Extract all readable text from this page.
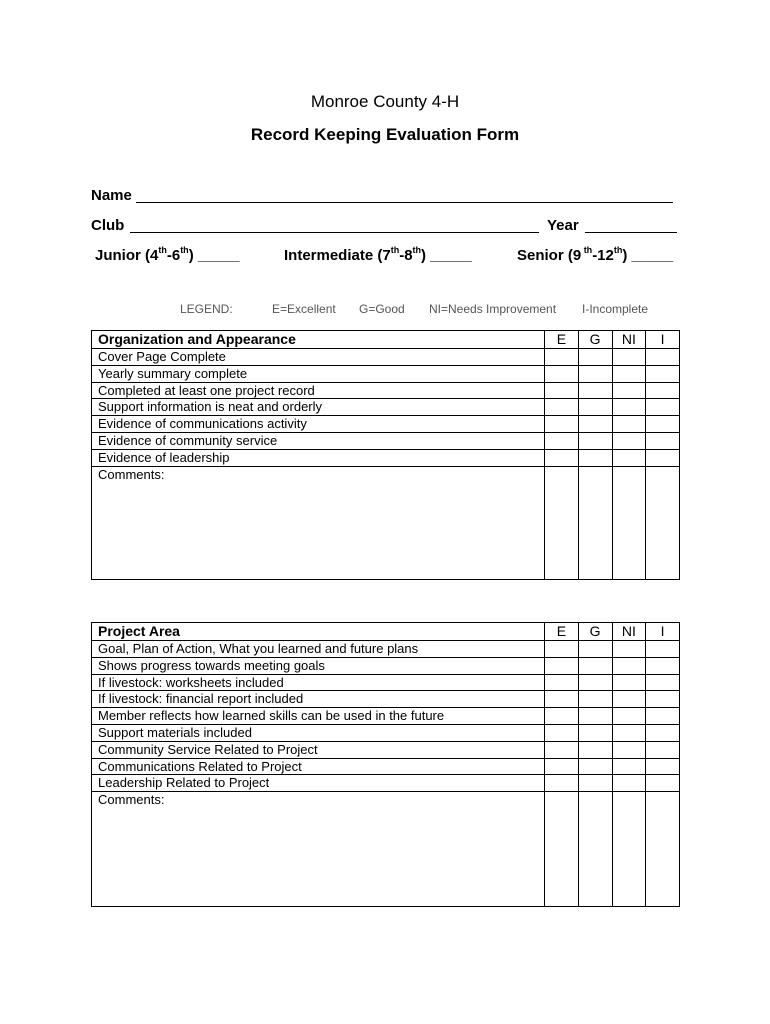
Monroe County 4-H
Record Keeping Evaluation Form
Name
Club	Year
Junior (4th-6th) _____	Intermediate (7th-8th) _____	Senior (9 $^{th}$-12th) _____
LEGEND:	E=Excellent G=Good NI=Needs Improvement I-Incomplete
Organization and Appearance	E	G	NI	I
Cover Page Complete				
Yearly summary complete				
Completed at least one project record				
Support information is neat and orderly				
Evidence of communications activity				
Evidence of community service				
Evidence of leadership				
Comments:				
Project Area	E	G	NI	I
Goal, Plan of Action, What you learned and future plans				
Shows progress towards meeting goals				
If livestock: worksheets included				
If livestock: financial report included				
Member reflects how learned skills can be used in the future				
Support materials included				
Community Service Related to Project				
Communications Related to Project				
Leadership Related to Project				
Comments:				
